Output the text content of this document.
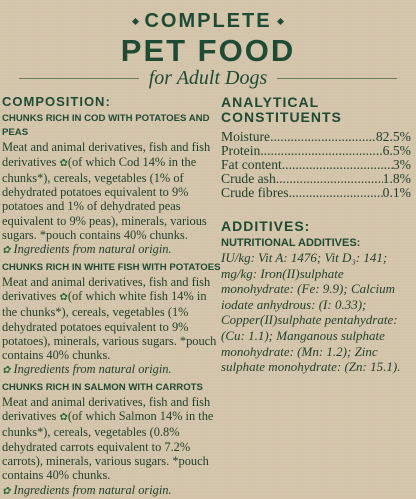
COMPLETE
PET FOOD
for Adult Dogs
COMPOSITION:
CHUNKS RICH IN COD WITH POTATOES AND PEAS
Meat and animal derivatives, fish and fish derivatives ✿(of which Cod 14% in the chunks*), cereals, vegetables (1% of dehydrated potatoes equivalent to 9% potatoes and 1% of dehydrated peas equivalent to 9% peas), minerals, various sugars. *pouch contains 40% chunks.
✿ Ingredients from natural origin.
CHUNKS RICH IN WHITE FISH WITH POTATOES
Meat and animal derivatives, fish and fish derivatives ✿(of which white fish 14% in the chunks*), cereals, vegetables (1% dehydrated potatoes equivalent to 9% potatoes), minerals, various sugars. *pouch contains 40% chunks.
✿ Ingredients from natural origin.
CHUNKS RICH IN SALMON WITH CARROTS
Meat and animal derivatives, fish and fish derivatives ✿(of which Salmon 14% in the chunks*), cereals, vegetables (0.8% dehydrated carrots equivalent to 7.2% carrots), minerals, various sugars. *pouch contains 40% chunks.
✿ Ingredients from natural origin.
ANALYTICAL CONSTITUENTS
Moisture .....	82.5%
Protein .....	6.5%
Fat content .....	3%
Crude ash .....	1.8%
Crude fibres .....	0.1%
ADDITIVES:
NUTRITIONAL ADDITIVES:
IU/kg: Vit A: 1476; Vit D₃: 141; mg/kg: Iron(II)sulphate monohydrate: (Fe: 9.9); Calcium iodate anhydrous: (I: 0.33); Copper(II)sulphate pentahydrate: (Cu: 1.1); Manganous sulphate monohydrate: (Mn: 1.2); Zinc sulphate monohydrate: (Zn: 15.1).
